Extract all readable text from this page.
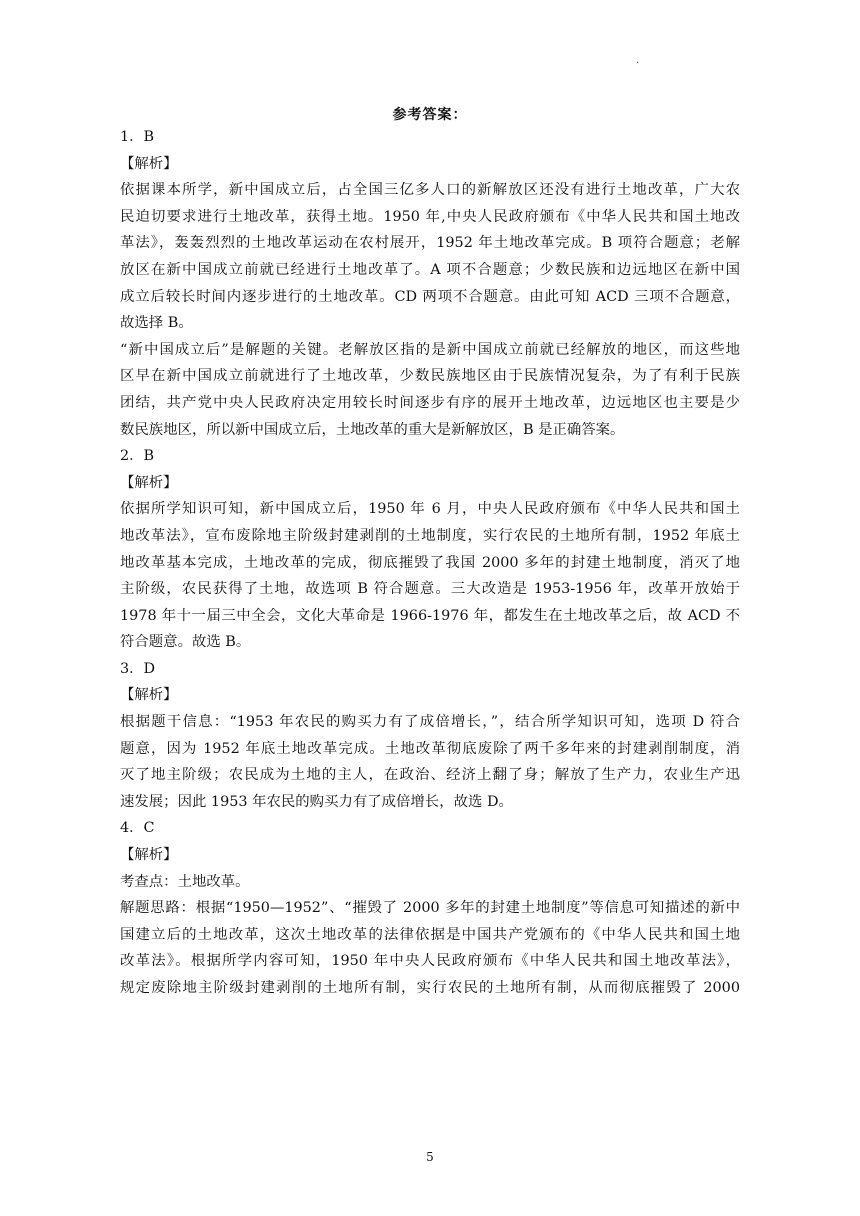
·
参考答案：
1．B
【解析】
依据课本所学，新中国成立后，占全国三亿多人口的新解放区还没有进行土地改革，广大农
民迫切要求进行土地改革，获得土地。1950 年,中央人民政府颁布《中华人民共和国土地改
革法》，轰轰烈烈的土地改革运动在农村展开，1952 年土地改革完成。B 项符合题意；老解
放区在新中国成立前就已经进行土地改革了。A 项不合题意；少数民族和边远地区在新中国
成立后较长时间内逐步进行的土地改革。CD 两项不合题意。由此可知 ACD 三项不合题意，
故选择 B。
“新中国成立后”是解题的关键。老解放区指的是新中国成立前就已经解放的地区，而这些地
区早在新中国成立前就进行了土地改革，少数民族地区由于民族情况复杂，为了有利于民族
团结，共产党中央人民政府决定用较长时间逐步有序的展开土地改革，边远地区也主要是少
数民族地区，所以新中国成立后，土地改革的重大是新解放区，B 是正确答案。
2．B
【解析】
依据所学知识可知，新中国成立后，1950 年 6 月，中央人民政府颁布《中华人民共和国土
地改革法》，宣布废除地主阶级封建剥削的土地制度，实行农民的土地所有制，1952 年底土
地改革基本完成，土地改革的完成，彻底摧毁了我国 2000 多年的封建土地制度，消灭了地
主阶级，农民获得了土地，故选项 B 符合题意。三大改造是 1953-1956 年，改革开放始于
1978 年十一届三中全会，文化大革命是 1966-1976 年，都发生在土地改革之后，故 ACD 不
符合题意。故选 B。
3．D
【解析】
根据题干信息：“1953 年农民的购买力有了成倍增长，”，结合所学知识可知，选项 D 符合
题意，因为 1952 年底土地改革完成。土地改革彻底废除了两千多年来的封建剥削制度，消
灭了地主阶级；农民成为土地的主人，在政治、经济上翻了身；解放了生产力，农业生产迅
速发展；因此 1953 年农民的购买力有了成倍增长，故选 D。
4．C
【解析】
考查点：土地改革。
解题思路：根据“1950—1952”、“摧毁了 2000 多年的封建土地制度”等信息可知描述的新中
国建立后的土地改革，这次土地改革的法律依据是中国共产党颁布的《中华人民共和国土地
改革法》。根据所学内容可知，1950 年中央人民政府颁布《中华人民共和国土地改革法》，
规定废除地主阶级封建剥削的土地所有制，实行农民的土地所有制，从而彻底摧毁了 2000
5
